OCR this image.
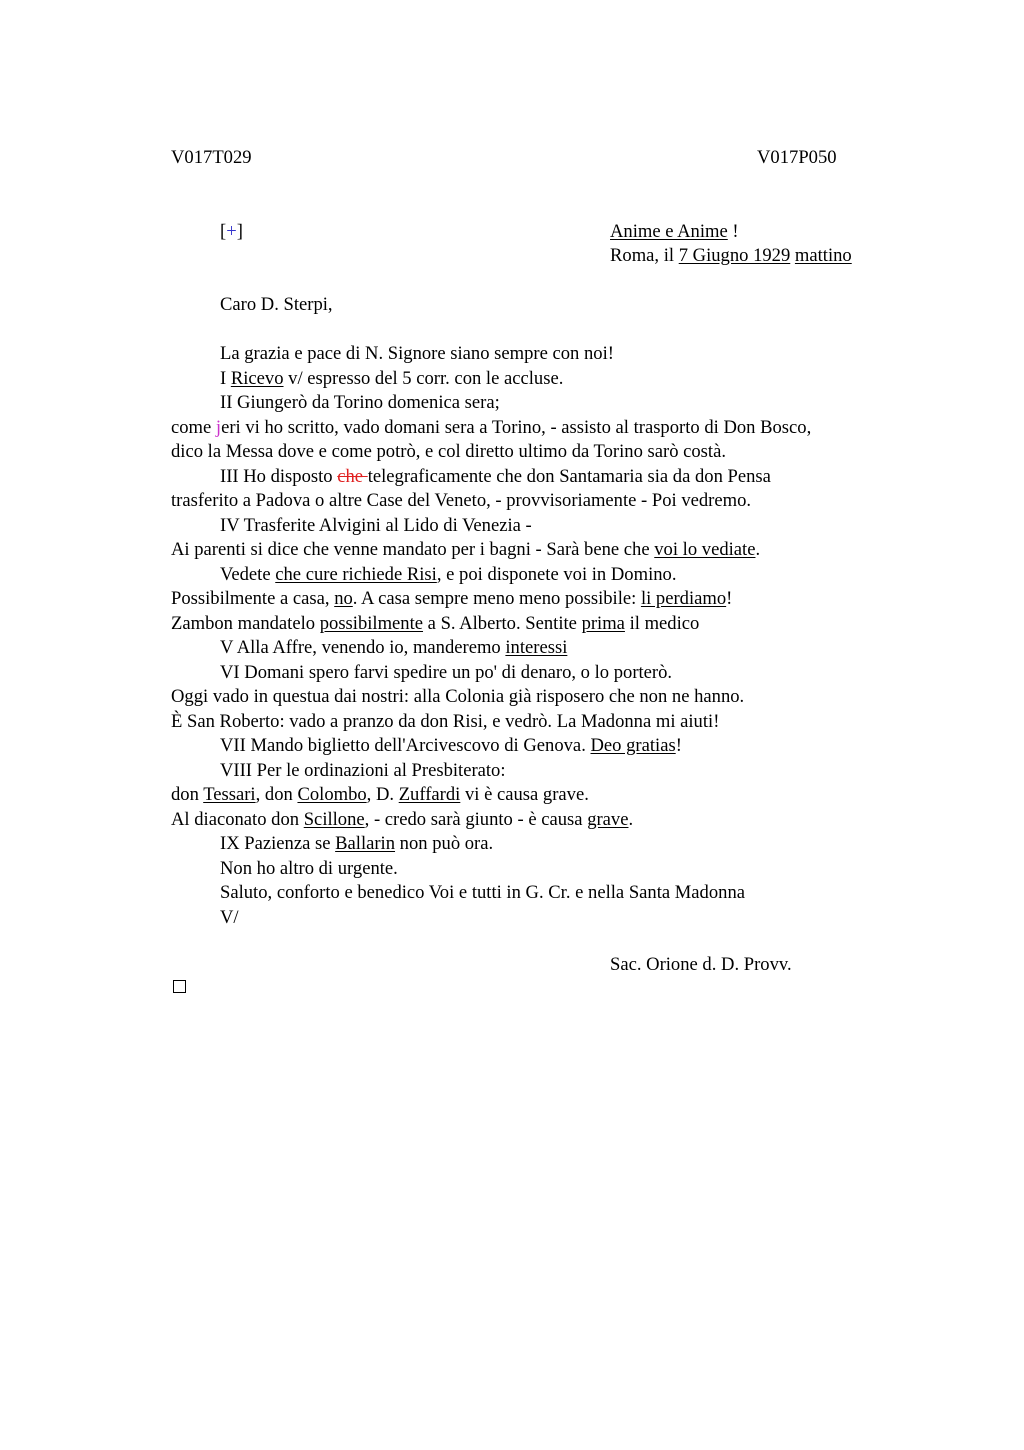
V017T029	V017P050
[+]	Anime e Anime !
Roma, il 7 Giugno 1929 mattino
Caro D. Sterpi,
La grazia e pace di N. Signore siano sempre con noi!
I Ricevo v/ espresso del 5 corr. con le accluse.
II Giungerò da Torino domenica sera;
come jeri vi ho scritto, vado domani sera a Torino, - assisto al trasporto di Don Bosco,
dico la Messa dove e come potrò, e col diretto ultimo da Torino sarò costà.
III Ho disposto che telegraficamente che don Santamaria sia da don Pensa
trasferito a Padova o altre Case del Veneto, - provvisoriamente - Poi vedremo.
IV Trasferite Alvigini al Lido di Venezia -
Ai parenti si dice che venne mandato per i bagni - Sarà bene che voi lo vediate.
Vedete che cure richiede Risi, e poi disponete voi in Domino.
Possibilmente a casa, no. A casa sempre meno meno possibile: li perdiamo!
Zambon mandatelo possibilmente a S. Alberto. Sentite prima il medico
V Alla Affre, venendo io, manderemo interessi
VI Domani spero farvi spedire un po' di denaro, o lo porterò.
Oggi vado in questua dai nostri: alla Colonia già risposero che non ne hanno.
È San Roberto: vado a pranzo da don Risi, e vedrò. La Madonna mi aiuti!
VII Mando biglietto dell'Arcivescovo di Genova. Deo gratias!
VIII Per le ordinazioni al Presbiterato:
don Tessari, don Colombo, D. Zuffardi vi è causa grave.
Al diaconato don Scillone, - credo sarà giunto - è causa grave.
IX Pazienza se Ballarin non può ora.
Non ho altro di urgente.
Saluto, conforto e benedico Voi e tutti in G. Cr. e nella Santa Madonna
V/
Sac. Orione d. D. Provv.
